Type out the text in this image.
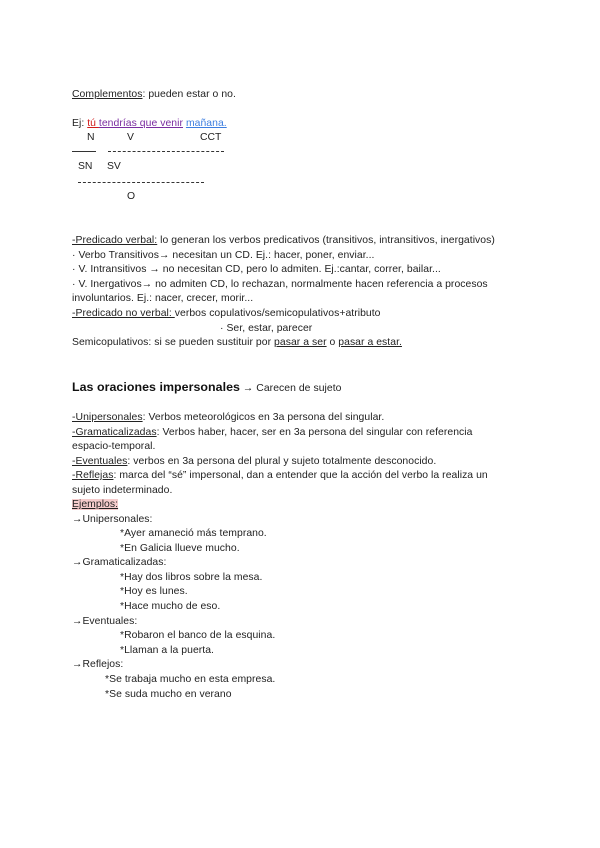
Complementos: pueden estar o no.
Ej: tú tendrías que venir mañana.
N	V	CCT
SN SV
O
-Predicado verbal: lo generan los verbos predicativos (transitivos, intransitivos, inergativos)
· Verbo Transitivos→ necesitan un CD. Ej.: hacer, poner, enviar...
· V. Intransitivos → no necesitan CD, pero lo admiten. Ej.:cantar, correr, bailar...
· V. Inergativos→ no admiten CD, lo rechazan, normalmente hacen referencia a procesos
involuntarios. Ej.: nacer, crecer, morir...
-Predicado no verbal: verbos copulativos/semicopulativos+atributo
· Ser, estar, parecer
Semicopulativos: si se pueden sustituir por pasar a ser o pasar a estar.
Las oraciones impersonales → Carecen de sujeto
-Unipersonales: Verbos meteorológicos en 3a persona del singular.
-Gramaticalizadas: Verbos haber, hacer, ser en 3a persona del singular con referencia
espacio-temporal.
-Eventuales: verbos en 3a persona del plural y sujeto totalmente desconocido.
-Reflejas: marca del “sé” impersonal, dan a entender que la acción del verbo la realiza un
sujeto indeterminado.
Ejemplos:
→Unipersonales:
*Ayer amaneció más temprano.
*En Galicia llueve mucho.
→Gramaticalizadas:
*Hay dos libros sobre la mesa.
*Hoy es lunes.
*Hace mucho de eso.
→Eventuales:
*Robaron el banco de la esquina.
*Llaman a la puerta.
→Reflejos:
*Se trabaja mucho en esta empresa.
*Se suda mucho en verano
